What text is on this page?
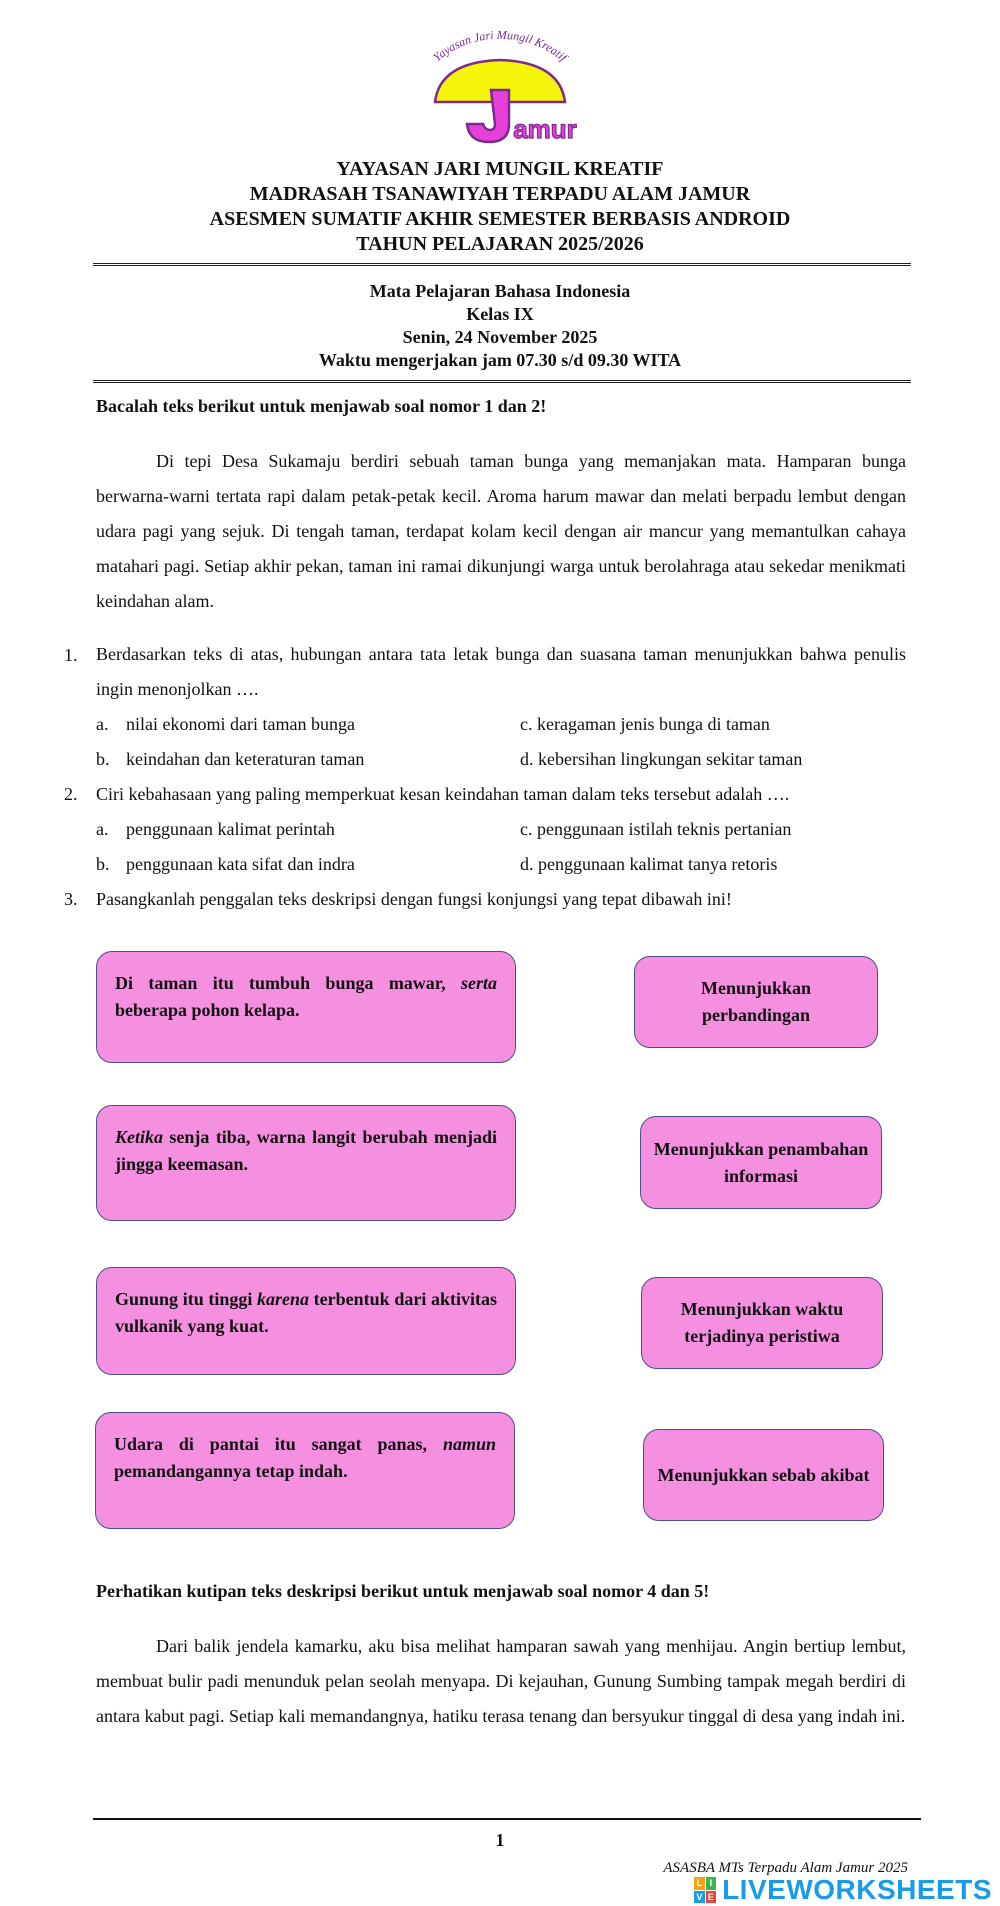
Yayasan Jari Mungil Kreatif
amur
YAYASAN JARI MUNGIL KREATIF
MADRASAH TSANAWIYAH TERPADU ALAM JAMUR
ASESMEN SUMATIF AKHIR SEMESTER BERBASIS ANDROID
TAHUN PELAJARAN 2025/2026
Mata Pelajaran Bahasa Indonesia
Kelas IX
Senin, 24 November 2025
Waktu mengerjakan jam 07.30 s/d 09.30 WITA
Bacalah teks berikut untuk menjawab soal nomor 1 dan 2!
Di tepi Desa Sukamaju berdiri sebuah taman bunga yang memanjakan mata. Hamparan bunga berwarna-warni tertata rapi dalam petak-petak kecil. Aroma harum mawar dan melati berpadu lembut dengan udara pagi yang sejuk. Di tengah taman, terdapat kolam kecil dengan air mancur yang memantulkan cahaya matahari pagi. Setiap akhir pekan, taman ini ramai dikunjungi warga untuk berolahraga atau sekedar menikmati keindahan alam.
1. Berdasarkan teks di atas, hubungan antara tata letak bunga dan suasana taman menunjukkan bahwa penulis ingin menonjolkan ….
a. nilai ekonomi dari taman bunga	c. keragaman jenis bunga di taman
b. keindahan dan keteraturan taman	d. kebersihan lingkungan sekitar taman
2. Ciri kebahasaan yang paling memperkuat kesan keindahan taman dalam teks tersebut adalah ….
a. penggunaan kalimat perintah	c. penggunaan istilah teknis pertanian
b. penggunaan kata sifat dan indra	d. penggunaan kalimat tanya retoris
3. Pasangkanlah penggalan teks deskripsi dengan fungsi konjungsi yang tepat dibawah ini!
Di taman itu tumbuh bunga mawar, serta beberapa pohon kelapa.
Ketika senja tiba, warna langit berubah menjadi jingga keemasan.
Gunung itu tinggi karena terbentuk dari aktivitas vulkanik yang kuat.
Udara di pantai itu sangat panas, namun pemandangannya tetap indah.
Menunjukkan perbandingan
Menunjukkan penambahan informasi
Menunjukkan waktu terjadinya peristiwa
Menunjukkan sebab akibat
Perhatikan kutipan teks deskripsi berikut untuk menjawab soal nomor 4 dan 5!
Dari balik jendela kamarku, aku bisa melihat hamparan sawah yang menhijau. Angin bertiup lembut, membuat bulir padi menunduk pelan seolah menyapa. Di kejauhan, Gunung Sumbing tampak megah berdiri di antara kabut pagi. Setiap kali memandangnya, hatiku terasa tenang dan bersyukur tinggal di desa yang indah ini.
1
ASASBA MTs Terpadu Alam Jamur 2025
L I
V E LIVEWORKSHEETS
